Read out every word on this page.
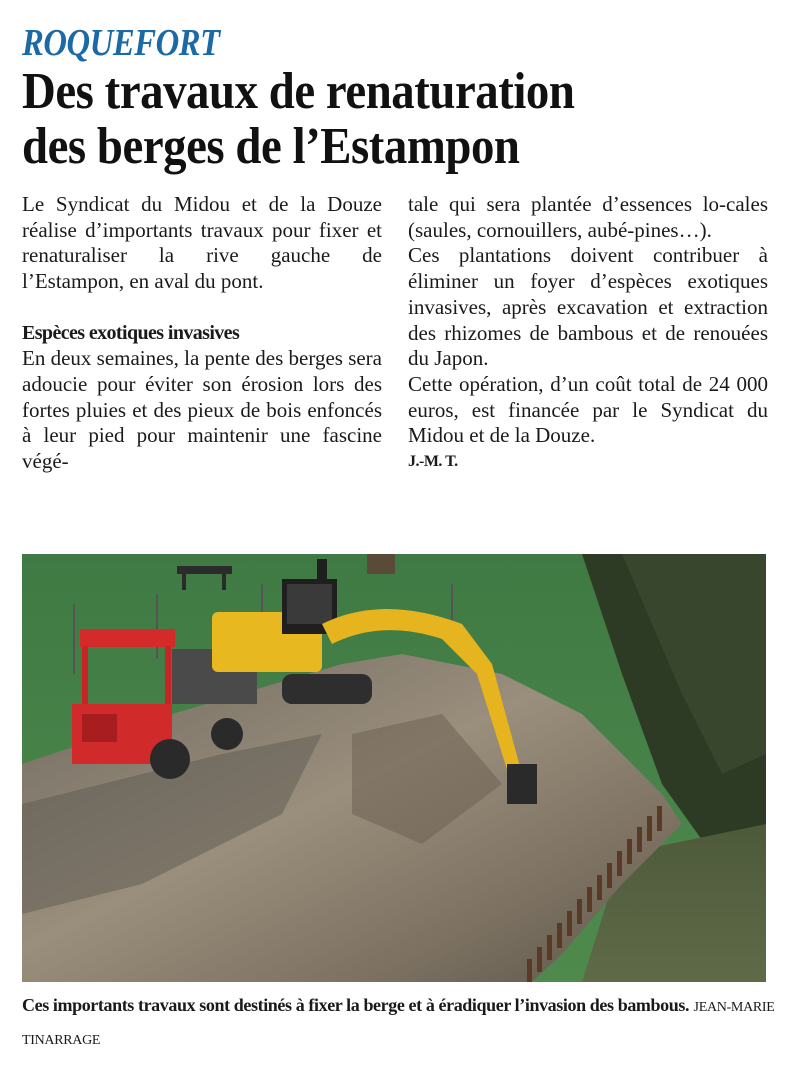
ROQUEFORT
Des travaux de renaturation
des berges de l’Estampon

Le Syndicat du Midou et de la Douze réalise d’importants travaux pour fixer et renaturaliser la rive gauche de l’Estampon, en aval du pont.

Espèces exotiques invasives

En deux semaines, la pente des berges sera adoucie pour éviter son érosion lors des fortes pluies et des pieux de bois enfoncés à leur pied pour maintenir une fascine végé-

tale qui sera plantée d’essences lo-cales (saules, cornouillers, aubé-pines…).

Ces plantations doivent contribuer à éliminer un foyer d’espèces exotiques invasives, après excavation et extraction des rhizomes de bambous et de renouées du Japon.

Cette opération, d’un coût total de 24 000 euros, est financée par le Syndicat du Midou et de la Douze.

J.-M. T.

Ces importants travaux sont destinés à fixer la berge et à éradiquer l’invasion des bambous. JEAN-MARIE TINARRAGE
